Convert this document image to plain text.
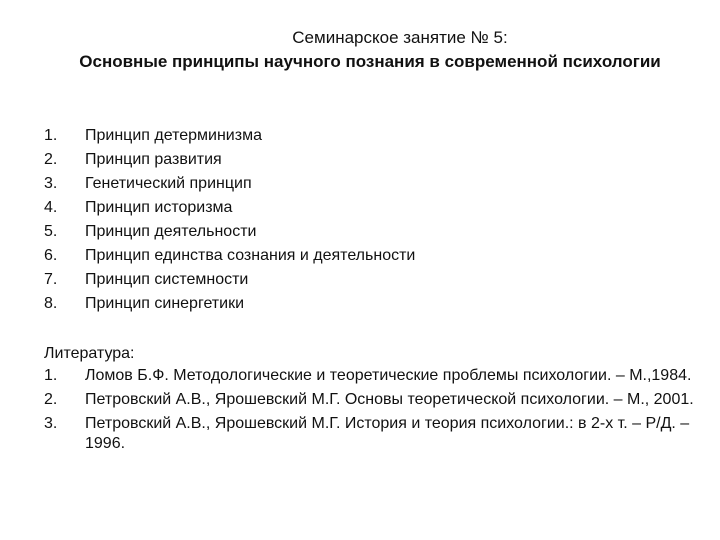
Семинарское занятие № 5:
Основные принципы научного познания в современной психологии
1.	Принцип детерминизма
2.	Принцип развития
3.	Генетический принцип
4.	Принцип историзма
5.	Принцип деятельности
6.	Принцип единства сознания и деятельности
7.	Принцип системности
8.	Принцип синергетики
Литература:
1.	Ломов Б.Ф. Методологические и теоретические проблемы психологии. – М.,1984.
2.	Петровский А.В., Ярошевский М.Г. Основы теоретической психологии. – М., 2001.
3.	Петровский А.В., Ярошевский М.Г. История и теория психологии.: в 2-х т. – Р/Д. – 1996.
